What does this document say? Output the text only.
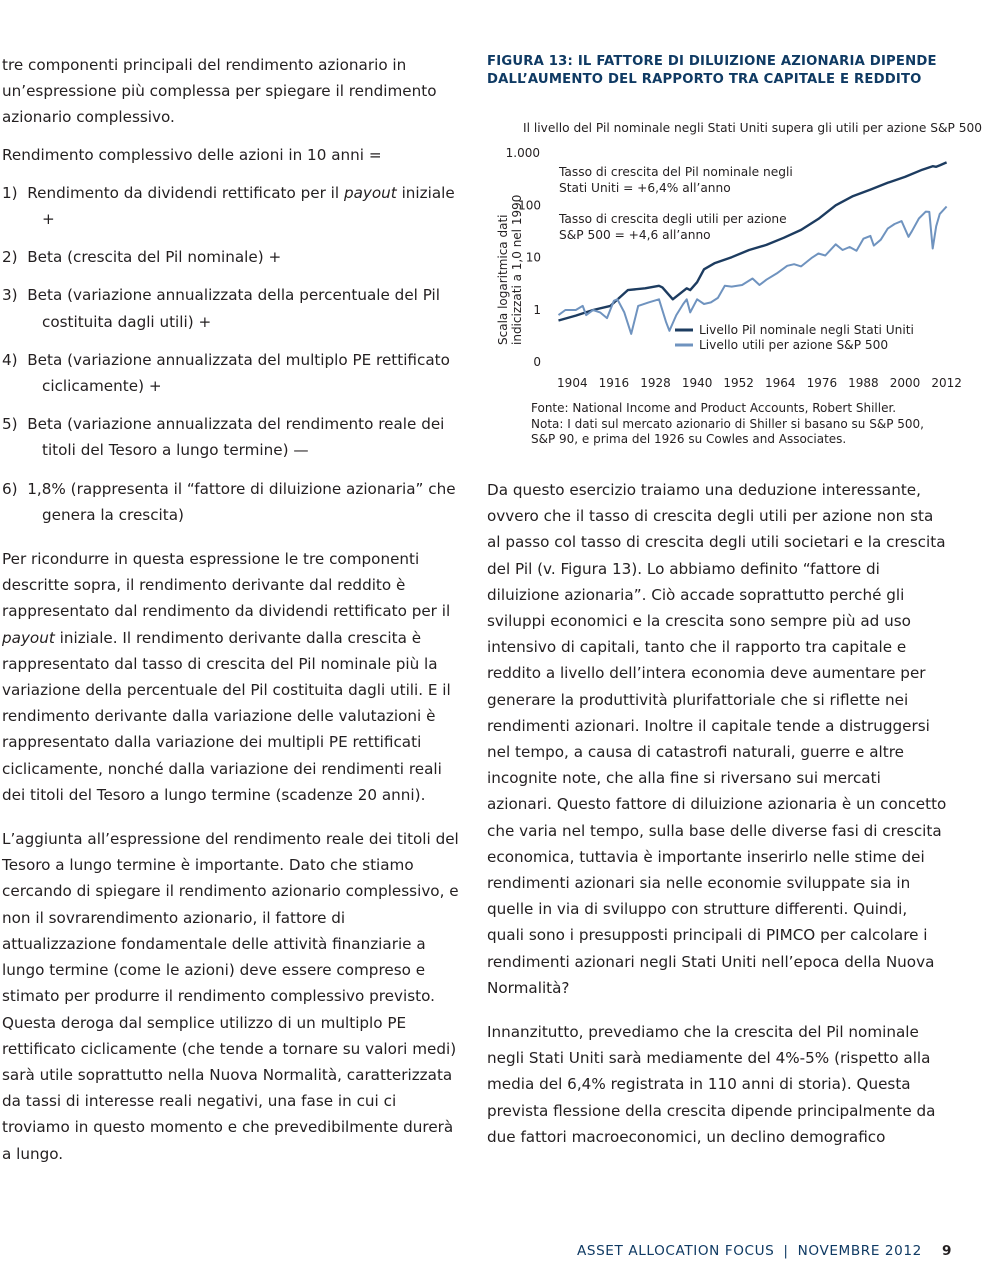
tre componenti principali del rendimento azionario in un’espressione più complessa per spiegare il rendimento azionario complessivo.

Rendimento complessivo delle azioni in 10 anni =

1)  Rendimento da dividendi rettificato per il payout iniziale +

2)  Beta (crescita del Pil nominale) +

3)  Beta (variazione annualizzata della percentuale del Pil costituita dagli utili) +

4)  Beta (variazione annualizzata del multiplo PE rettificato ciclicamente) +

5)  Beta (variazione annualizzata del rendimento reale dei titoli del Tesoro a lungo termine) —

6)  1,8% (rappresenta il “fattore di diluizione azionaria” che genera la crescita)

Per ricondurre in questa espressione le tre componenti descritte sopra, il rendimento derivante dal reddito è rappresentato dal rendimento da dividendi rettificato per il payout iniziale. Il rendimento derivante dalla crescita è rappresentato dal tasso di crescita del Pil nominale più la variazione della percentuale del Pil costituita dagli utili. E il rendimento derivante dalla variazione delle valutazioni è rappresentato dalla variazione dei multipli PE rettificati ciclicamente, nonché dalla variazione dei rendimenti reali dei titoli del Tesoro a lungo termine (scadenze 20 anni).

L’aggiunta all’espressione del rendimento reale dei titoli del Tesoro a lungo termine è importante. Dato che stiamo cercando di spiegare il rendimento azionario complessivo, e non il sovrarendimento azionario, il fattore di attualizzazione fondamentale delle attività finanziarie a lungo termine (come le azioni) deve essere compreso e stimato per produrre il rendimento complessivo previsto. Questa deroga dal semplice utilizzo di un multiplo PE rettificato ciclicamente (che tende a tornare su valori medi) sarà utile soprattutto nella Nuova Normalità, caratterizzata da tassi di interesse reali negativi, una fase in cui ci troviamo in questo momento e che prevedibilmente durerà a lungo.

FIGURA 13: IL FATTORE DI DILUIZIONE AZIONARIA DIPENDE DALL’AUMENTO DEL RAPPORTO TRA CAPITALE E REDDITO
Il livello del Pil nominale negli Stati Uniti supera gli utili per azione S&P 500
Scala logaritmica dati indicizzati a 1,0 nel 1990
1.000
100
10
1
0
1904 1916 1928 1940 1952 1964 1976 1988 2000 2012
Tasso di crescita del Pil nominale negli
Stati Uniti = +6,4% all’anno
Tasso di crescita degli utili per azione
S&P 500 = +4,6 all’anno
Livello Pil nominale negli Stati Uniti
Livello utili per azione S&P 500
Fonte: National Income and Product Accounts, Robert Shiller.
Nota: I dati sul mercato azionario di Shiller si basano su S&P 500, S&P 90, e prima del 1926 su Cowles and Associates.

Da questo esercizio traiamo una deduzione interessante, ovvero che il tasso di crescita degli utili per azione non sta al passo col tasso di crescita degli utili societari e la crescita del Pil (v. Figura 13). Lo abbiamo definito “fattore di diluizione azionaria”. Ciò accade soprattutto perché gli sviluppi economici e la crescita sono sempre più ad uso intensivo di capitali, tanto che il rapporto tra capitale e reddito a livello dell’intera economia deve aumentare per generare la produttività plurifattoriale che si riflette nei rendimenti azionari. Inoltre il capitale tende a distruggersi nel tempo, a causa di catastrofi naturali, guerre e altre incognite note, che alla fine si riversano sui mercati azionari. Questo fattore di diluizione azionaria è un concetto che varia nel tempo, sulla base delle diverse fasi di crescita economica, tuttavia è importante inserirlo nelle stime dei rendimenti azionari sia nelle economie sviluppate sia in quelle in via di sviluppo con strutture differenti. Quindi, quali sono i presupposti principali di PIMCO per calcolare i rendimenti azionari negli Stati Uniti nell’epoca della Nuova Normalità?

Innanzitutto, prevediamo che la crescita del Pil nominale negli Stati Uniti sarà mediamente del 4%-5% (rispetto alla media del 6,4% registrata in 110 anni di storia). Questa prevista flessione della crescita dipende principalmente da due fattori macroeconomici, un declino demografico

ASSET ALLOCATION FOCUS | NOVEMBRE 2012 9
